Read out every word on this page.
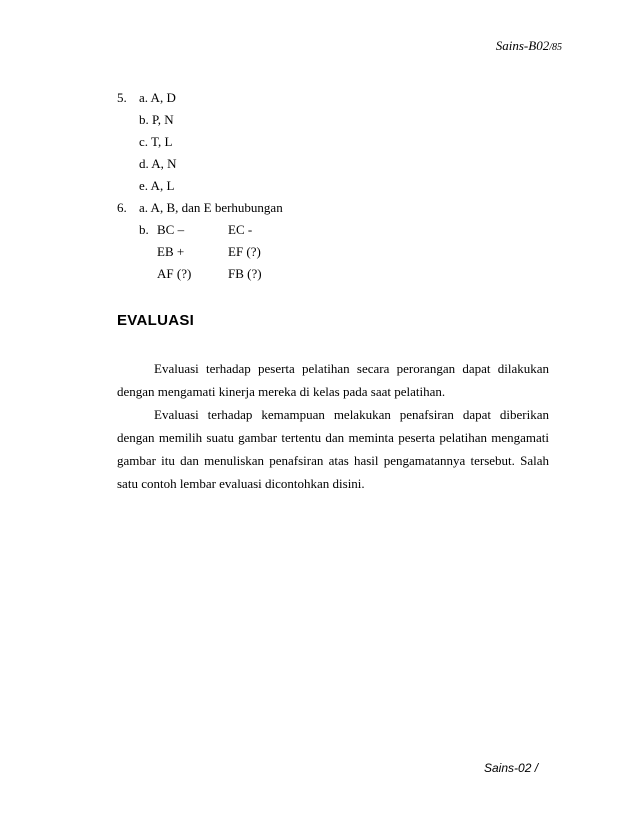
Sains-B02/85
5. a. A, D
b. P, N
c. T, L
d. A, N
e. A, L
6. a. A, B, dan E berhubungan
b. BC –	EC -
EB +	EF (?)
AF (?)	FB (?)
EVALUASI

Evaluasi terhadap peserta pelatihan secara perorangan dapat dilakukan dengan mengamati kinerja mereka di kelas pada saat pelatihan.

Evaluasi terhadap kemampuan melakukan penafsiran dapat diberikan dengan memilih suatu gambar tertentu dan meminta peserta pelatihan mengamati gambar itu dan menuliskan penafsiran atas hasil pengamatannya tersebut. Salah satu contoh lembar evaluasi dicontohkan disini.

Sains-02 /
